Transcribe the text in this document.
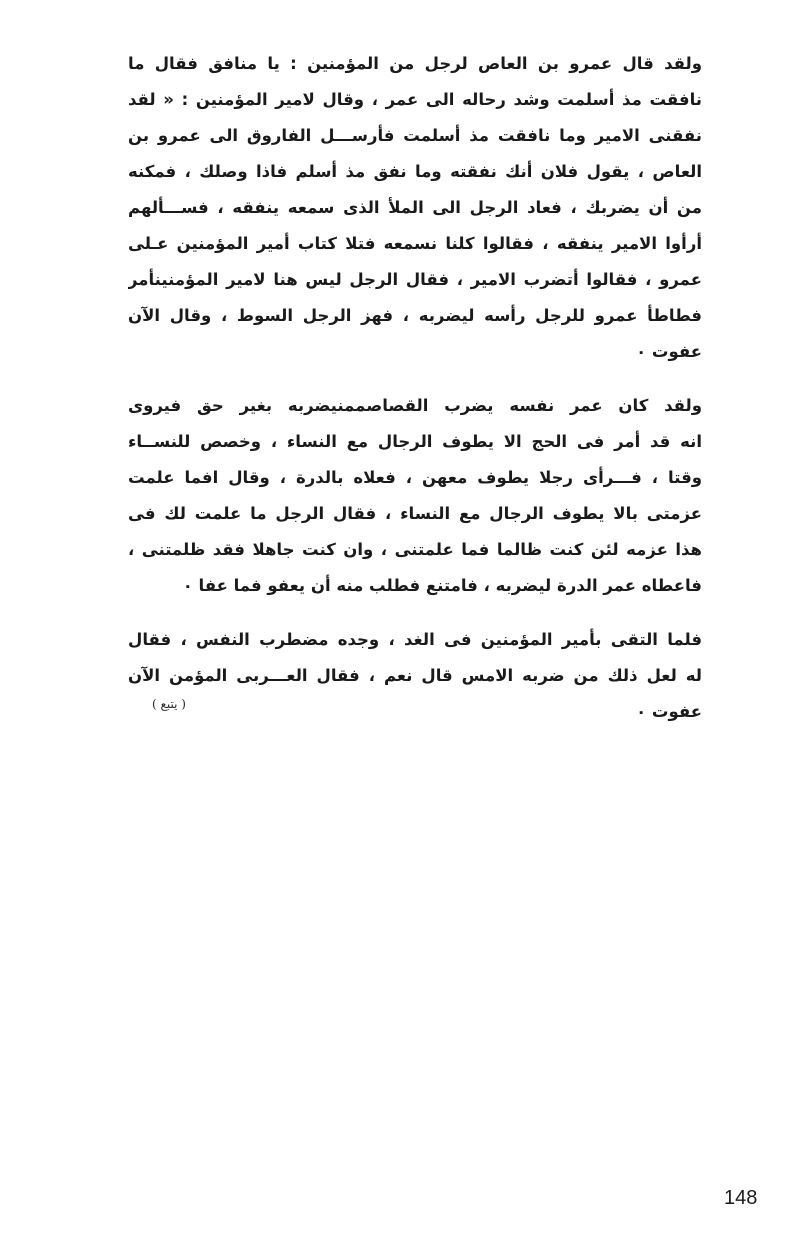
ولقد قال عمرو بن العاص لرجل من المؤمنين : يا منافق فقال ما
نافقت مذ أسلمت وشد رحاله الى عمر ، وقال لامير المؤمنين : « لقد
نفقنى الامير وما نافقت مذ أسلمت فأرســـل الفاروق الى عمرو بن
العاص ، يقول فلان أنك نفقته وما نفق مذ أسلم فاذا وصلك ، فمكنه
من أن يضربك ، فعاد الرجل الى الملأ الذى سمعه ينفقه ، فســـألهم
أرأوا الامير ينفقه ، فقالوا كلنا نسمعه فتلا كتاب أمير المؤمنين عـلى
عمرو ، فقالوا أتضرب الامير ، فقال الرجل ليس هنا لامير المؤمنينأمر
فطاطأ عمرو للرجل رأسه ليضربه ، فهز الرجل السوط ، وقال الآن
عفوت ٠
ولقد كان عمر نفسه يضرب القصاصممنيضربه بغير حق فيروى
انه قد أمر فى الحج الا يطوف الرجال مع النساء ، وخصص للنســاء
وقتا ، فـــرأى رجلا يطوف معهن ، فعلاه بالدرة ، وقال افما علمت
عزمتى بالا يطوف الرجال مع النساء ، فقال الرجل ما علمت لك فى
هذا عزمه لئن كنت ظالما فما علمتنى ، وان كنت جاهلا فقد ظلمتنى ،
فاعطاه عمر الدرة ليضربه ، فامتنع فطلب منه أن يعفو فما عفا ٠
فلما التقى بأمير المؤمنين فى الغد ، وجده مضطرب النفس ، فقال
له لعل ذلك من ضربه الامس قال نعم ، فقال العـــربى المؤمن الآن
عفوت ٠
( يتبع )
148
